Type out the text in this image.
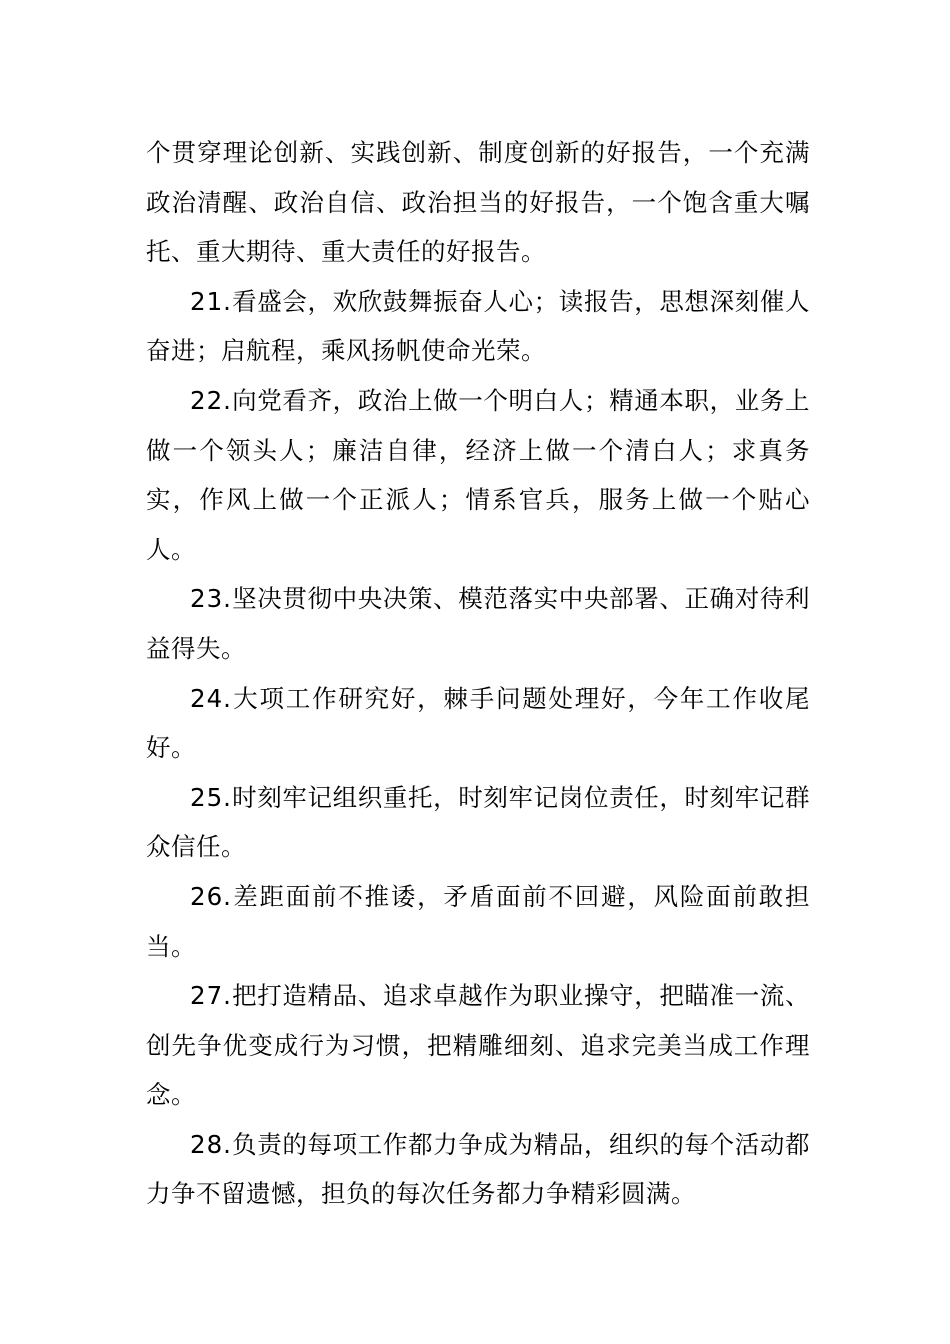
个贯穿理论创新、实践创新、制度创新的好报告，一个充满政治清醒、政治自信、政治担当的好报告，一个饱含重大嘱托、重大期待、重大责任的好报告。

21.看盛会，欢欣鼓舞振奋人心；读报告，思想深刻催人奋进；启航程，乘风扬帆使命光荣。

22.向党看齐，政治上做一个明白人；精通本职，业务上做一个领头人；廉洁自律，经济上做一个清白人；求真务实，作风上做一个正派人；情系官兵，服务上做一个贴心人。

23.坚决贯彻中央决策、模范落实中央部署、正确对待利益得失。

24.大项工作研究好，棘手问题处理好，今年工作收尾好。

25.时刻牢记组织重托，时刻牢记岗位责任，时刻牢记群众信任。

26.差距面前不推诿，矛盾面前不回避，风险面前敢担当。

27.把打造精品、追求卓越作为职业操守，把瞄准一流、创先争优变成行为习惯，把精雕细刻、追求完美当成工作理念。

28.负责的每项工作都力争成为精品，组织的每个活动都力争不留遗憾，担负的每次任务都力争精彩圆满。
